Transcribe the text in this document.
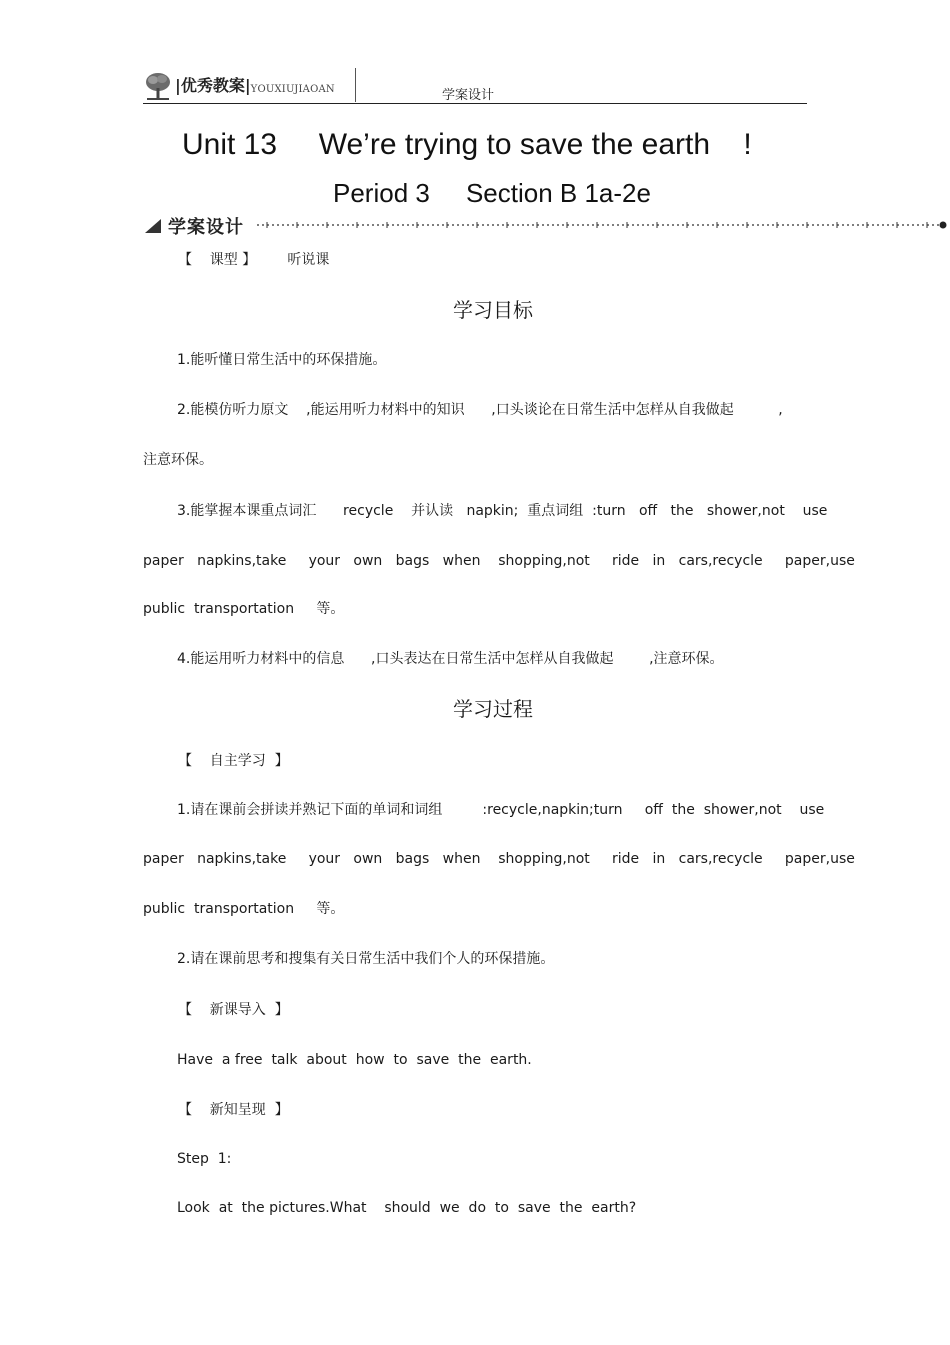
|优秀教案| YOUXIUJIAOAN	学案设计
Unit 13     We’re trying to save the earth    !
Period 3     Section B 1a-2e
学案设计
【    课型 】       听说课
学习目标
1.能听懂日常生活中的环保措施。
2.能模仿听力原文    ,能运用听力材料中的知识      ,口头谈论在日常生活中怎样从自我做起          ,
注意环保。
3.能掌握本课重点词汇      recycle    并认读   napkin;  重点词组  :turn   off   the   shower,not    use
paper   napkins,take     your   own   bags   when    shopping,not     ride   in   cars,recycle     paper,use
public  transportation     等。
4.能运用听力材料中的信息      ,口头表达在日常生活中怎样从自我做起        ,注意环保。
学习过程
【    自主学习  】
1.请在课前会拼读并熟记下面的单词和词组         :recycle,napkin;turn     off  the  shower,not    use
paper   napkins,take     your   own   bags   when    shopping,not     ride   in   cars,recycle     paper,use
public  transportation     等。
2.请在课前思考和搜集有关日常生活中我们个人的环保措施。
【    新课导入  】
Have  a free  talk  about  how  to  save  the  earth.
【    新知呈现  】
Step  1:
Look  at  the pictures.What    should  we  do  to  save  the  earth?
